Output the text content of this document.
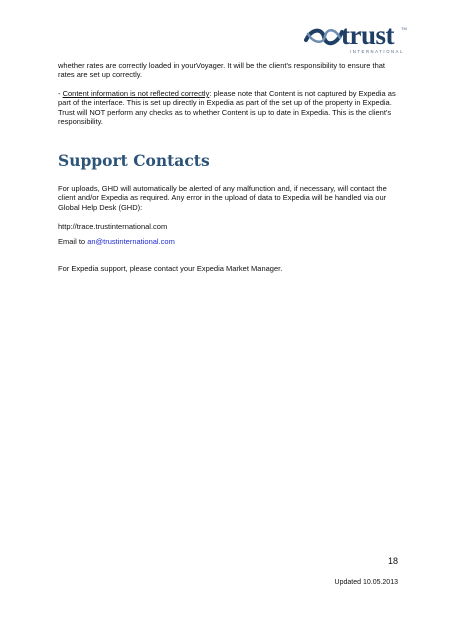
trust
INTERNATIONAL
TM

whether rates are correctly loaded in yourVoyager. It will be the client's responsibility to ensure that rates are set up correctly.

- Content information is not reflected correctly: please note that Content is not captured by Expedia as part of the interface. This is set up directly in Expedia as part of the set up of the property in Expedia. Trust will NOT perform any checks as to whether Content is up to date in Expedia. This is the client's responsibility.

Support Contacts

For uploads, GHD will automatically be alerted of any malfunction and, if necessary, will contact the client and/or Expedia as required. Any error in the upload of data to Expedia will be handled via our Global Help Desk (GHD):

http://trace.trustinternational.com

Email to an@trustinternational.com

For Expedia support, please contact your Expedia Market Manager.

18
Updated 10.05.2013
